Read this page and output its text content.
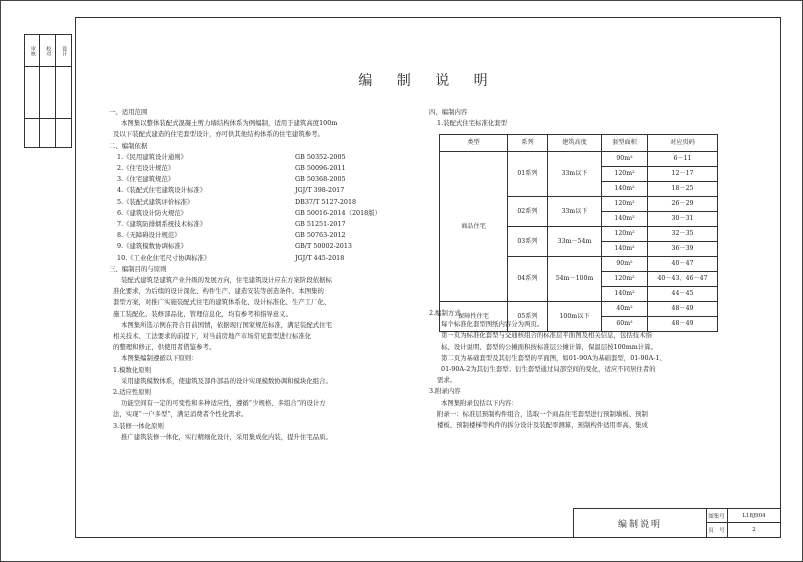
审核	校对	设计
编 制 说 明
一、适用范围
本图集以整体装配式混凝土剪力墙结构体系为例编制，适用于建筑高度100m
及以下装配式建造的住宅套型设计，亦可供其他结构体系的住宅建筑参考。
二、编制依据
1.《民用建筑设计通则》	GB 50352-2005
2.《住宅设计规范》	GB 50096-2011
3.《住宅建筑规范》	GB 50368-2005
4.《装配式住宅建筑设计标准》	JGJ/T 398-2017
5.《装配式建筑评价标准》	DB37/T 5127-2018
6.《建筑设计防火规范》	GB 50016-2014（2018版）
7.《建筑防排烟系统技术标准》	GB 51251-2017
8.《无障碍设计规范》	GB 50763-2012
9.《建筑模数协调标准》	GB/T 50002-2013
10.《工业化住宅尺寸协调标准》	JGJ/T 445-2018
三、编制目的与原则
装配式建筑是建筑产业升级的发展方向，住宅建筑设计应在方案阶段依据标
准化要求，为后续的设计深化、构件生产、建造安装等创造条件。本图集的
套型方案，对推广实施装配式住宅的建筑体系化、设计标准化、生产工厂化、
施工装配化、装修部品化、管理信息化，均有参考和指导意义。
本图集所选示例在符合目前国情，依据现行国家规范标准，满足装配式住宅
相关技术、工法要求的前提下，对当前房地产市场常见套型进行标准化
的整理和修正，供使用者借鉴参考。
本图集编制遵循以下原则：
1.模数化原则
采用建筑模数体系，使建筑及部件部品的设计实现模数协调和模块化组合。
2.适应性原则
功能空间有一定的可变性和多种适应性，遵循“少规格、多组合”的设计方
法，实现“一户多型”，满足消费者个性化需求。
3.装修一体化原则
推广建筑装修一体化，实行精细化设计，采用集成化内装，提升住宅品质。
四、编制内容
1.装配式住宅标准化套型
类型	系列	建筑高度	套型面积	对应页码
商品住宅	01系列	33m以下	90m²	6－11
			120m²	12－17
			140m²	18－25
	02系列	33m以下	120m²	26－29
			140m²	30－31
	03系列	33m－54m	120m²	32－35
			140m²	36－39
	04系列	54m－100m	90m²	40－47
			120m²	40－43、46－47
			140m²	44－45
保障性住宅	05系列	100m以下	40m²	48－49
			60m²	48－49
2.编制方式
每个标准化套型图纸内容分为两页。
第一页为标准化套型与交通核组合的标准层平面图及相关信息，包括技术指
标、设计说明、套型的公摊面积按标准层公摊计算，保温层按100mm计算。
第二页为基础套型及其衍生套型的平面图，如01-90A为基础套型，01-90A-1、
01-90A-2为其衍生套型；衍生套型通过局部空间的变化，适应不同居住者的
需求。
3.附录内容
本图集附录包括以下内容：
附录一：标准层预制构件组合，选取一个商品住宅套型进行预制墙板、预制
楼板、预制楼梯等构件的拆分设计及装配率测算，预制构件适用率高、集成
编制说明
图集号	L18J904
页　号	2
